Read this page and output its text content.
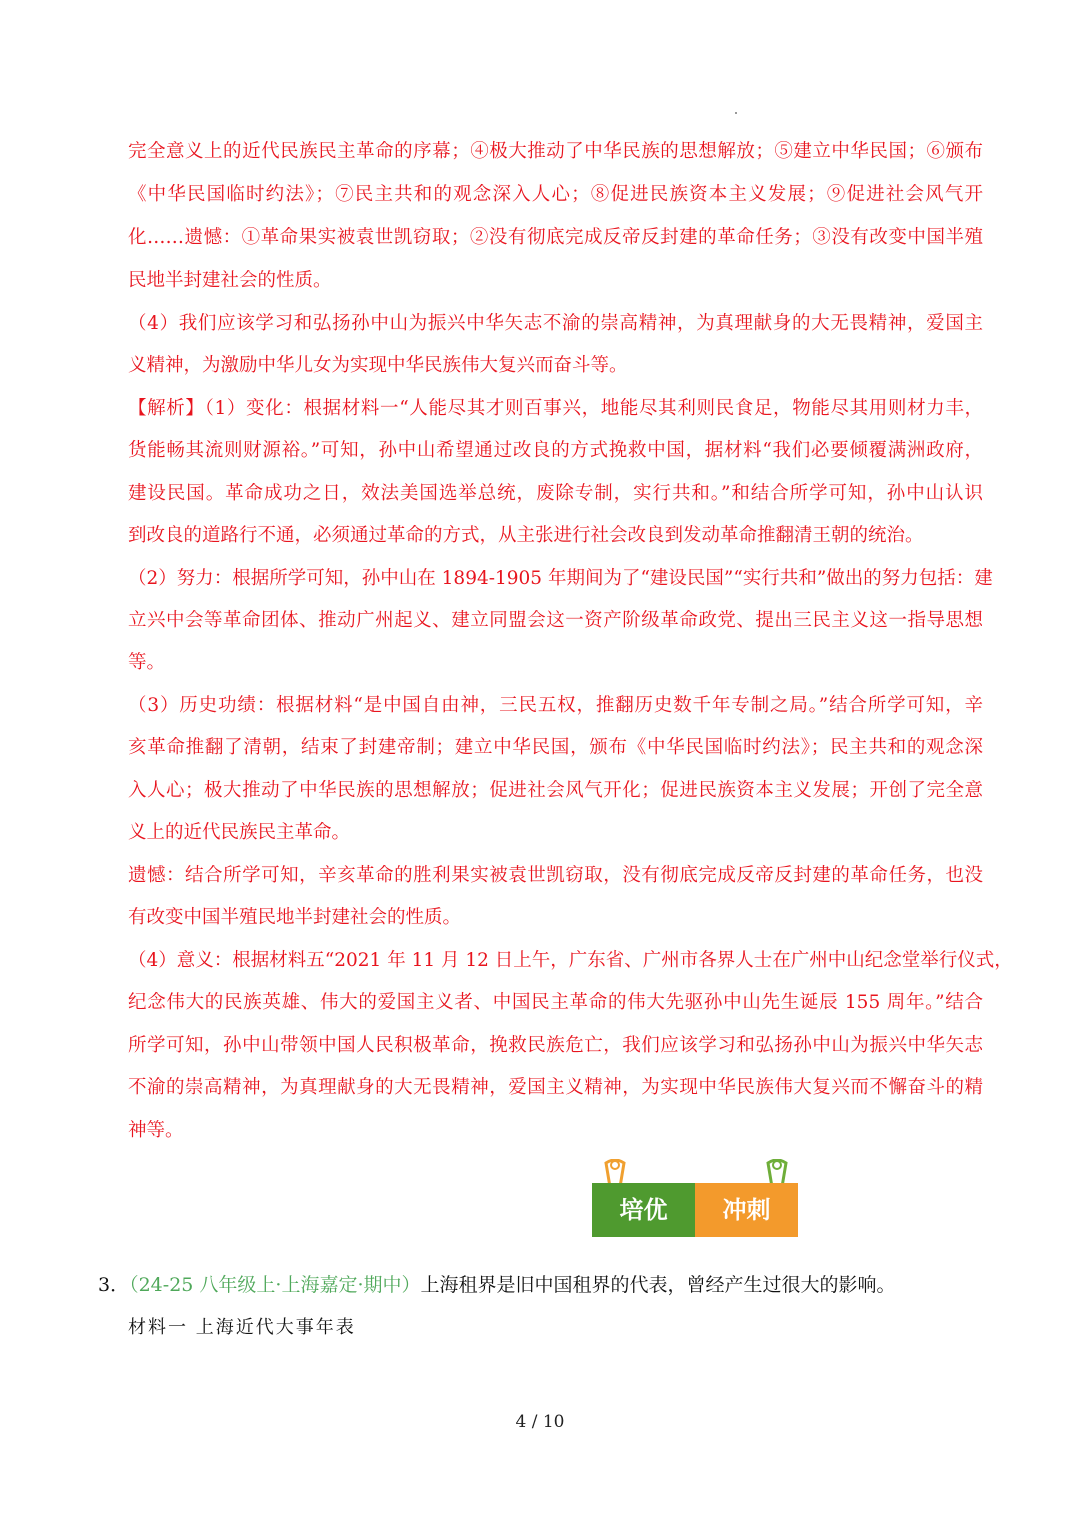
完全意义上的近代民族民主革命的序幕；④极大推动了中华民族的思想解放；⑤建立中华民国；⑥颁布
《中华民国临时约法》；⑦民主共和的观念深入人心；⑧促进民族资本主义发展；⑨促进社会风气开
化……遗憾：①革命果实被袁世凯窃取；②没有彻底完成反帝反封建的革命任务；③没有改变中国半殖
民地半封建社会的性质。
（4）我们应该学习和弘扬孙中山为振兴中华矢志不渝的崇高精神，为真理献身的大无畏精神，爱国主
义精神，为激励中华儿女为实现中华民族伟大复兴而奋斗等。
【解析】（1）变化：根据材料一“人能尽其才则百事兴，地能尽其利则民食足，物能尽其用则材力丰，
货能畅其流则财源裕。”可知，孙中山希望通过改良的方式挽救中国，据材料“我们必要倾覆满洲政府，
建设民国。革命成功之日，效法美国选举总统，废除专制，实行共和。”和结合所学可知，孙中山认识
到改良的道路行不通，必须通过革命的方式，从主张进行社会改良到发动革命推翻清王朝的统治。
（2）努力：根据所学可知，孙中山在 1894-1905 年期间为了“建设民国”“实行共和”做出的努力包括：建
立兴中会等革命团体、推动广州起义、建立同盟会这一资产阶级革命政党、提出三民主义这一指导思想
等。
（3）历史功绩：根据材料“是中国自由神，三民五权，推翻历史数千年专制之局。”结合所学可知，辛
亥革命推翻了清朝，结束了封建帝制；建立中华民国，颁布《中华民国临时约法》；民主共和的观念深
入人心；极大推动了中华民族的思想解放；促进社会风气开化；促进民族资本主义发展；开创了完全意
义上的近代民族民主革命。
遗憾：结合所学可知，辛亥革命的胜利果实被袁世凯窃取，没有彻底完成反帝反封建的革命任务，也没
有改变中国半殖民地半封建社会的性质。
（4）意义：根据材料五“2021 年 11 月 12 日上午，广东省、广州市各界人士在广州中山纪念堂举行仪式，
纪念伟大的民族英雄、伟大的爱国主义者、中国民主革命的伟大先驱孙中山先生诞辰 155 周年。”结合
所学可知，孙中山带领中国人民积极革命，挽救民族危亡，我们应该学习和弘扬孙中山为振兴中华矢志
不渝的崇高精神，为真理献身的大无畏精神，爱国主义精神，为实现中华民族伟大复兴而不懈奋斗的精
神等。
培优	冲刺
3．（24-25 八年级上·上海嘉定·期中）上海租界是旧中国租界的代表，曾经产生过很大的影响。
材料一 上海近代大事年表
4 / 10
